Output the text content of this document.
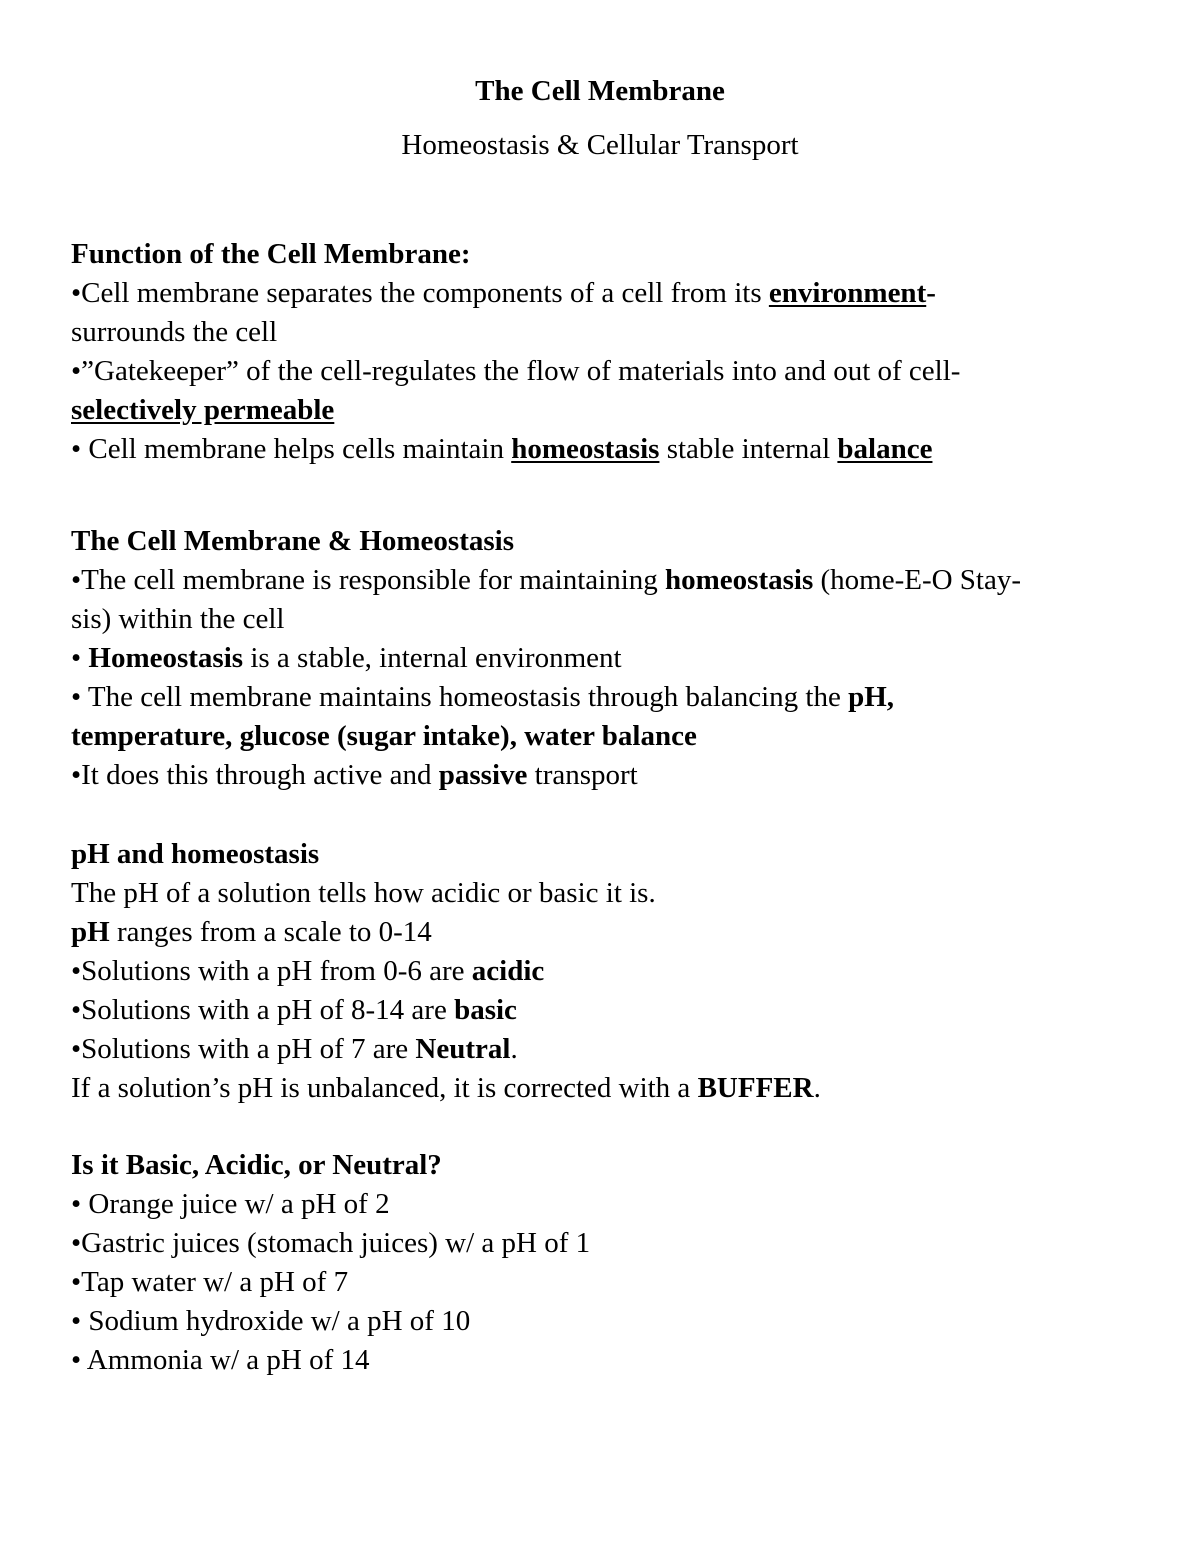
The Cell Membrane
Homeostasis & Cellular Transport
Function of the Cell Membrane:
•Cell membrane separates the components of a cell from its environment-
surrounds the cell
•”Gatekeeper” of the cell-regulates the flow of materials into and out of cell-
selectively permeable
• Cell membrane helps cells maintain homeostasis stable internal balance
The Cell Membrane & Homeostasis
•The cell membrane is responsible for maintaining homeostasis (home-E-O Stay-
sis) within the cell
• Homeostasis is a stable, internal environment
• The cell membrane maintains homeostasis through balancing the pH,
temperature, glucose (sugar intake), water balance
•It does this through active and passive transport
pH and homeostasis
The pH of a solution tells how acidic or basic it is.
pH ranges from a scale to 0-14
•Solutions with a pH from 0-6 are acidic
•Solutions with a pH of 8-14 are basic
•Solutions with a pH of 7 are Neutral.
If a solution’s pH is unbalanced, it is corrected with a BUFFER.
Is it Basic, Acidic, or Neutral?
• Orange juice w/ a pH of 2
•Gastric juices (stomach juices) w/ a pH of 1
•Tap water w/ a pH of 7
• Sodium hydroxide w/ a pH of 10
• Ammonia w/ a pH of 14
